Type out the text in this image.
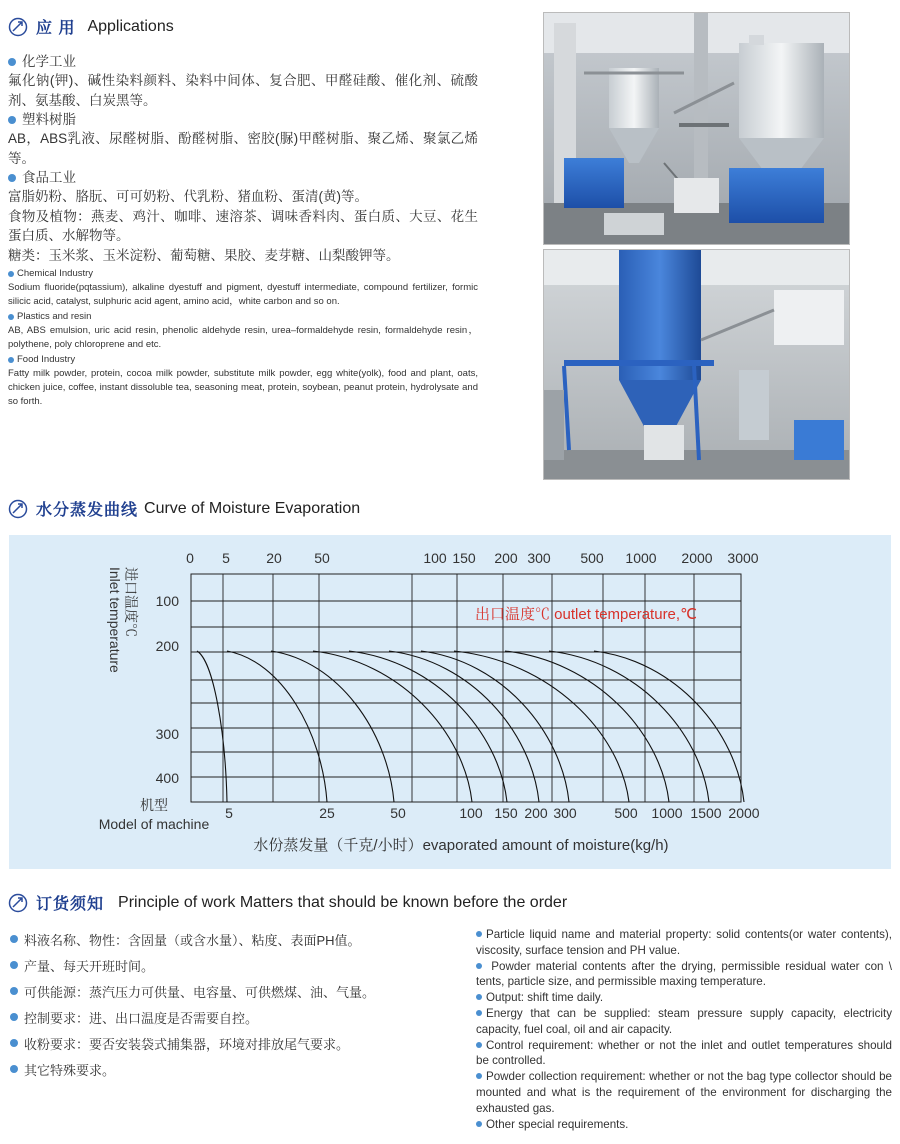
应 用 Applications
化学工业
氟化钠(钾)、碱性染料颜料、染料中间体、复合肥、甲醛硅酸、催化剂、硫酸剂、氨基酸、白炭黑等。
塑料树脂
AB，ABS乳液、尿醛树脂、酚醛树脂、密胶(脲)甲醛树脂、聚乙烯、聚氯乙烯等。
食品工业
富脂奶粉、胳朊、可可奶粉、代乳粉、猪血粉、蛋清(黄)等。
食物及植物：燕麦、鸡汁、咖啡、速溶茶、调味香料肉、蛋白质、大豆、花生蛋白质、水解物等。
糖类：玉米浆、玉米淀粉、葡萄糖、果胶、麦芽糖、山梨酸钾等。
Chemical Industry
Sodium fluoride(pqtassium), alkaline dyestuff and pigment, dyestuff intermediate, compound fertilizer, formic silicic acid, catalyst, sulphuric acid agent, amino acid，white carbon and so on.
Plastics and resin
AB, ABS emulsion, uric acid resin, phenolic aldehyde resin, urea–formaldehyde resin, formaldehyde resin，polythene, poly chloroprene and etc.
Food Industry
Fatty milk powder, protein, cocoa milk powder, substitute milk powder, egg white(yolk), food and plant, oats, chicken juice, coffee, instant dissoluble tea, seasoning meat, protein, soybean, peanut protein, hydrolysate and so forth.
水分蒸发曲线 Curve of Moisture Evaporation
0 5	20 50	100 150 200 300 500 1000 2000 3000
100
200
300
400
进口温度℃
Inlet temperature	出口温度℃ outlet temperature,℃
5	25	50	100 150 200 300	500 1000 1500 2000
机型
Model of machine
水份蒸发量（千克/小时）evaporated amount of moisture(kg/h)
订货须知 Principle of work Matters that should be known before the order
料液名称、物性：含固量（或含水量）、粘度、表面PH值。
产量、每天开班时间。
可供能源：蒸汽压力可供量、电容量、可供燃煤、油、气量。
控制要求：进、出口温度是否需要自控。
收粉要求：要否安装袋式捕集器，环境对排放尾气要求。
其它特殊要求。
Particle liquid name and material property: solid contents(or water contents), viscosity, surface tension and PH value.
Powder material contents after the drying, permissible residual water con \ tents, particle size, and permissible maxing temperature.
Output: shift time daily.
Energy that can be supplied: steam pressure supply capacity, electricity capacity, fuel coal, oil and air capacity.
Control requirement: whether or not the inlet and outlet temperatures should be controlled.
Powder collection requirement: whether or not the bag type collector should be mounted and what is the requirement of the environment for discharging the exhausted gas.
Other special requirements.
